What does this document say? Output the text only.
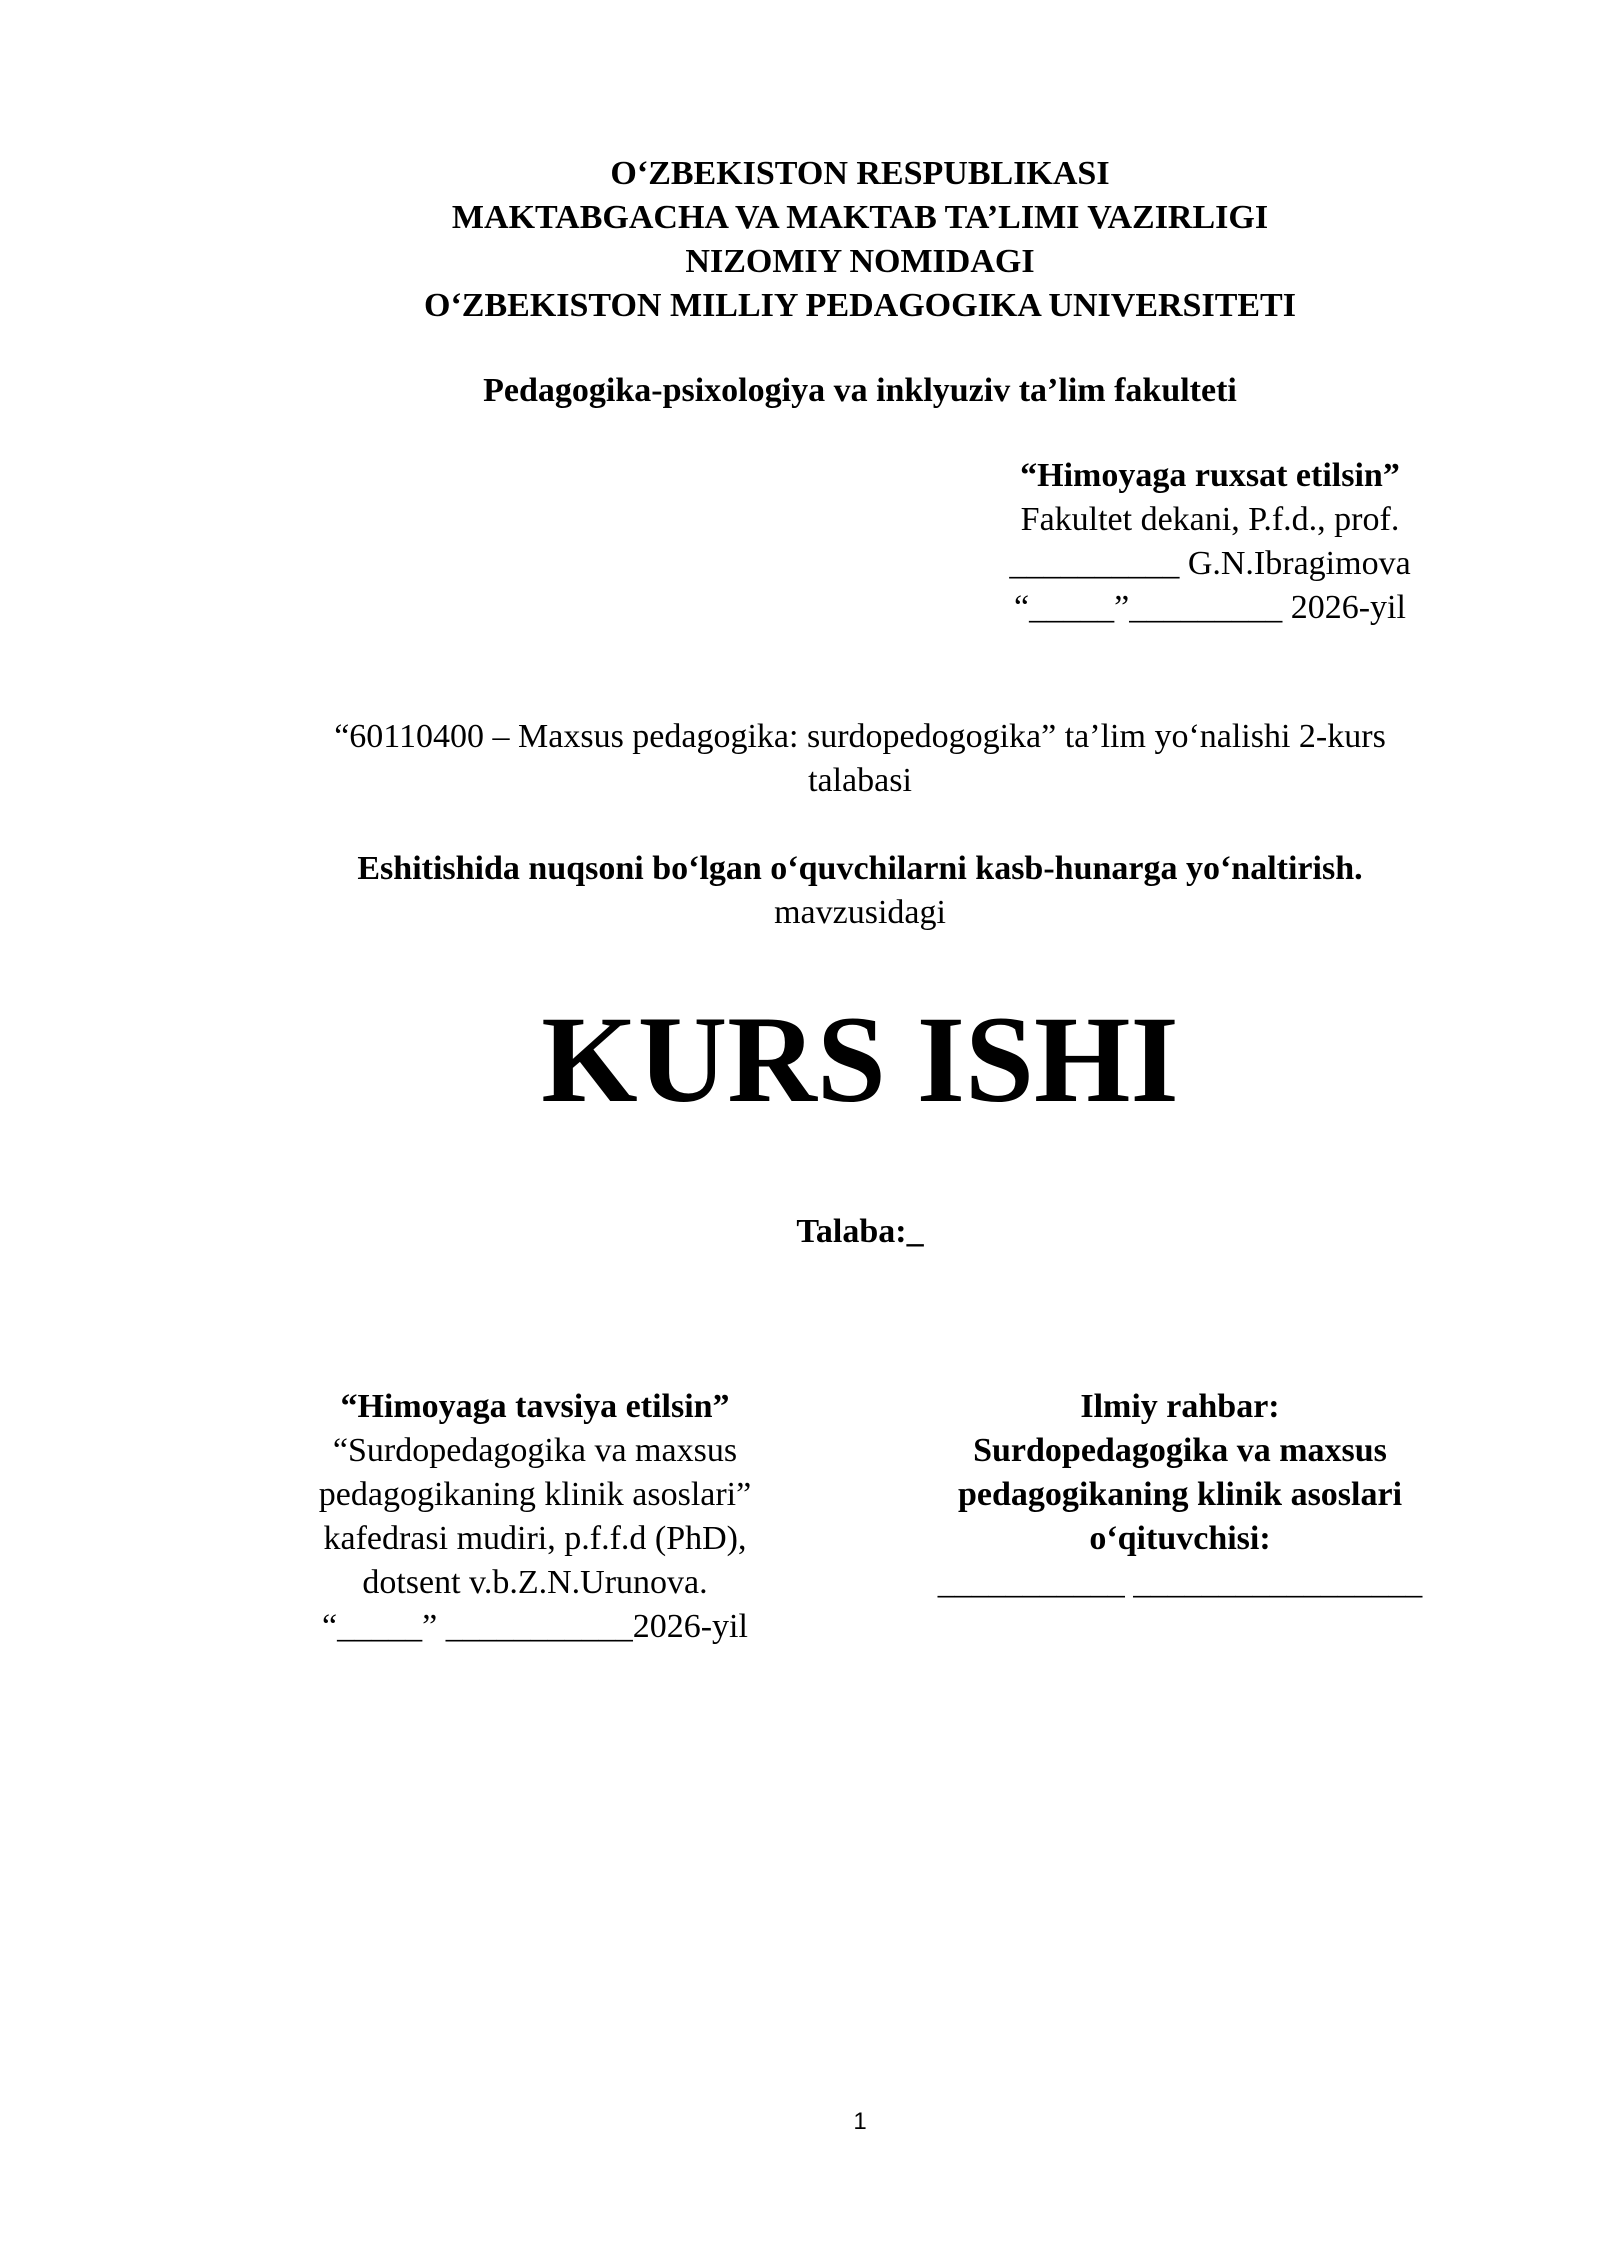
O‘ZBEKISTON RESPUBLIKASI
MAKTABGACHA VA MAKTAB TA’LIMI VAZIRLIGI
NIZOMIY NOMIDAGI
O‘ZBEKISTON MILLIY PEDAGOGIKA UNIVERSITETI
Pedagogika-psixologiya va inklyuziv ta’lim fakulteti
“Himoyaga ruxsat etilsin”
Fakultet dekani, P.f.d., prof.
__________ G.N.Ibragimova
“_____”_________ 2026-yil
“60110400 – Maxsus pedagogika: surdopedogogika” ta’lim yo‘nalishi 2-kurs
talabasi
Eshitishida nuqsoni bo‘lgan o‘quvchilarni kasb-hunarga yo‘naltirish.
mavzusidagi
KURS ISHI
Talaba:_
“Himoyaga tavsiya etilsin”
“Surdopedagogika va maxsus
pedagogikaning klinik asoslari”
kafedrasi mudiri, p.f.f.d (PhD),
dotsent v.b.Z.N.Urunova.
“_____” ___________2026-yil
Ilmiy rahbar:
Surdopedagogika va maxsus
pedagogikaning klinik asoslari
o‘qituvchisi:
___________ _________________
1
